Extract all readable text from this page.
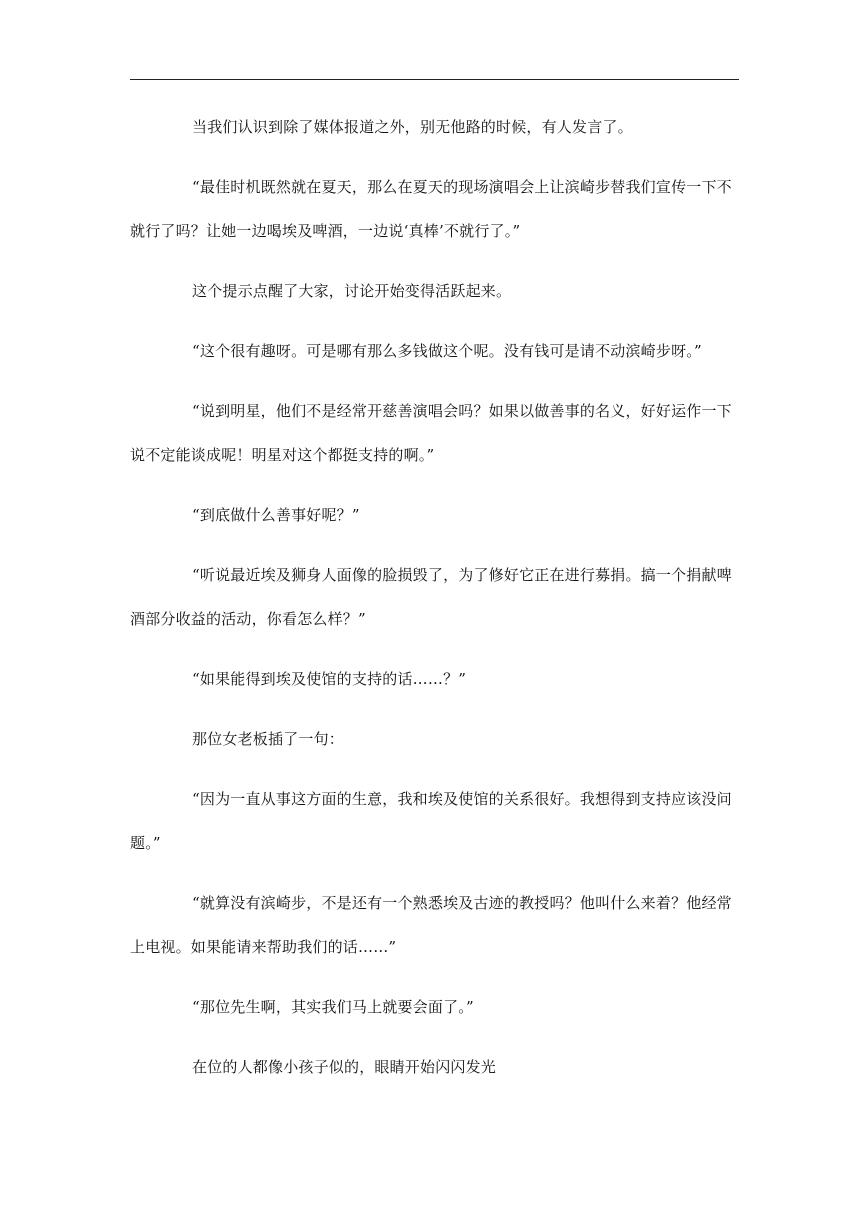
当我们认识到除了媒体报道之外，别无他路的时候，有人发言了。

“最佳时机既然就在夏天，那么在夏天的现场演唱会上让滨崎步替我们宣传一下不就行了吗？让她一边喝埃及啤酒，一边说‘真棒’不就行了。”

这个提示点醒了大家，讨论开始变得活跃起来。

“这个很有趣呀。可是哪有那么多钱做这个呢。没有钱可是请不动滨崎步呀。”

“说到明星，他们不是经常开慈善演唱会吗？如果以做善事的名义，好好运作一下说不定能谈成呢！明星对这个都挺支持的啊。”

“到底做什么善事好呢？”

“听说最近埃及狮身人面像的脸损毁了，为了修好它正在进行募捐。搞一个捐献啤酒部分收益的活动，你看怎么样？”

“如果能得到埃及使馆的支持的话……？”

那位女老板插了一句：

“因为一直从事这方面的生意，我和埃及使馆的关系很好。我想得到支持应该没问题。”

“就算没有滨崎步，不是还有一个熟悉埃及古迹的教授吗？他叫什么来着？他经常上电视。如果能请来帮助我们的话……”

“那位先生啊，其实我们马上就要会面了。”

在位的人都像小孩子似的，眼睛开始闪闪发光
